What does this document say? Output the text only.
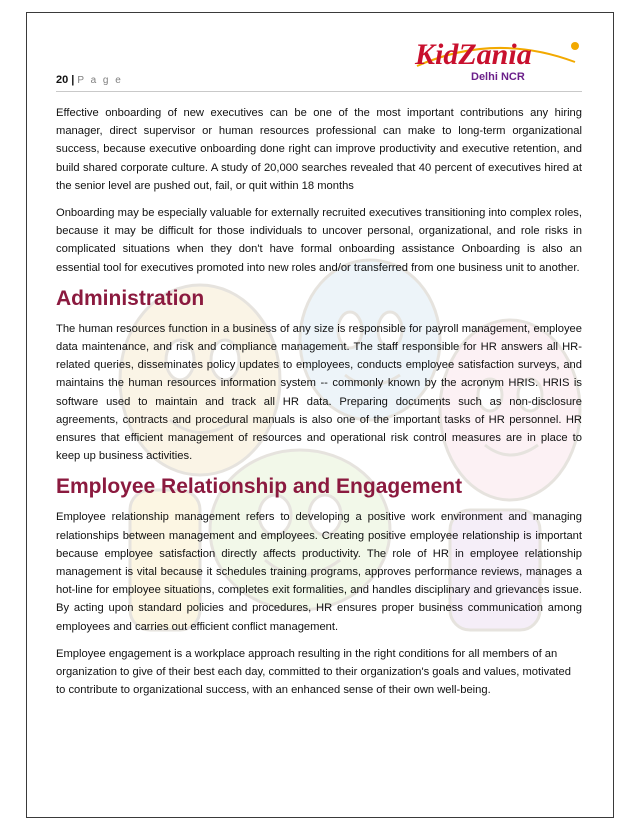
20 | P a g e
KidZania
Delhi NCR

Effective onboarding of new executives can be one of the most important contributions any hiring manager, direct supervisor or human resources professional can make to long-term organizational success, because executive onboarding done right can improve productivity and executive retention, and build shared corporate culture. A study of 20,000 searches revealed that 40 percent of executives hired at the senior level are pushed out, fail, or quit within 18 months

Onboarding may be especially valuable for externally recruited executives transitioning into complex roles, because it may be difficult for those individuals to uncover personal, organizational, and role risks in complicated situations when they don't have formal onboarding assistance Onboarding is also an essential tool for executives promoted into new roles and/or transferred from one business unit to another.

Administration

The human resources function in a business of any size is responsible for payroll management, employee data maintenance, and risk and compliance management. The staff responsible for HR answers all HR-related queries, disseminates policy updates to employees, conducts employee satisfaction surveys, and maintains the human resources information system -- commonly known by the acronym HRIS. HRIS is software used to maintain and track all HR data. Preparing documents such as non-disclosure agreements, contracts and procedural manuals is also one of the important tasks of HR personnel. HR ensures that efficient management of resources and operational risk control measures are in place to keep up business activities.

Employee Relationship and Engagement

Employee relationship management refers to developing a positive work environment and managing relationships between management and employees. Creating positive employee relationship is important because employee satisfaction directly affects productivity. The role of HR in employee relationship management is vital because it schedules training programs, approves performance reviews, manages a hot-line for employee situations, completes exit formalities, and handles disciplinary and grievances issue. By acting upon standard policies and procedures, HR ensures proper business communication among employees and carries out efficient conflict management.

Employee engagement is a workplace approach resulting in the right conditions for all members of an organization to give of their best each day, committed to their organization's goals and values, motivated to contribute to organizational success, with an enhanced sense of their own well-being.
